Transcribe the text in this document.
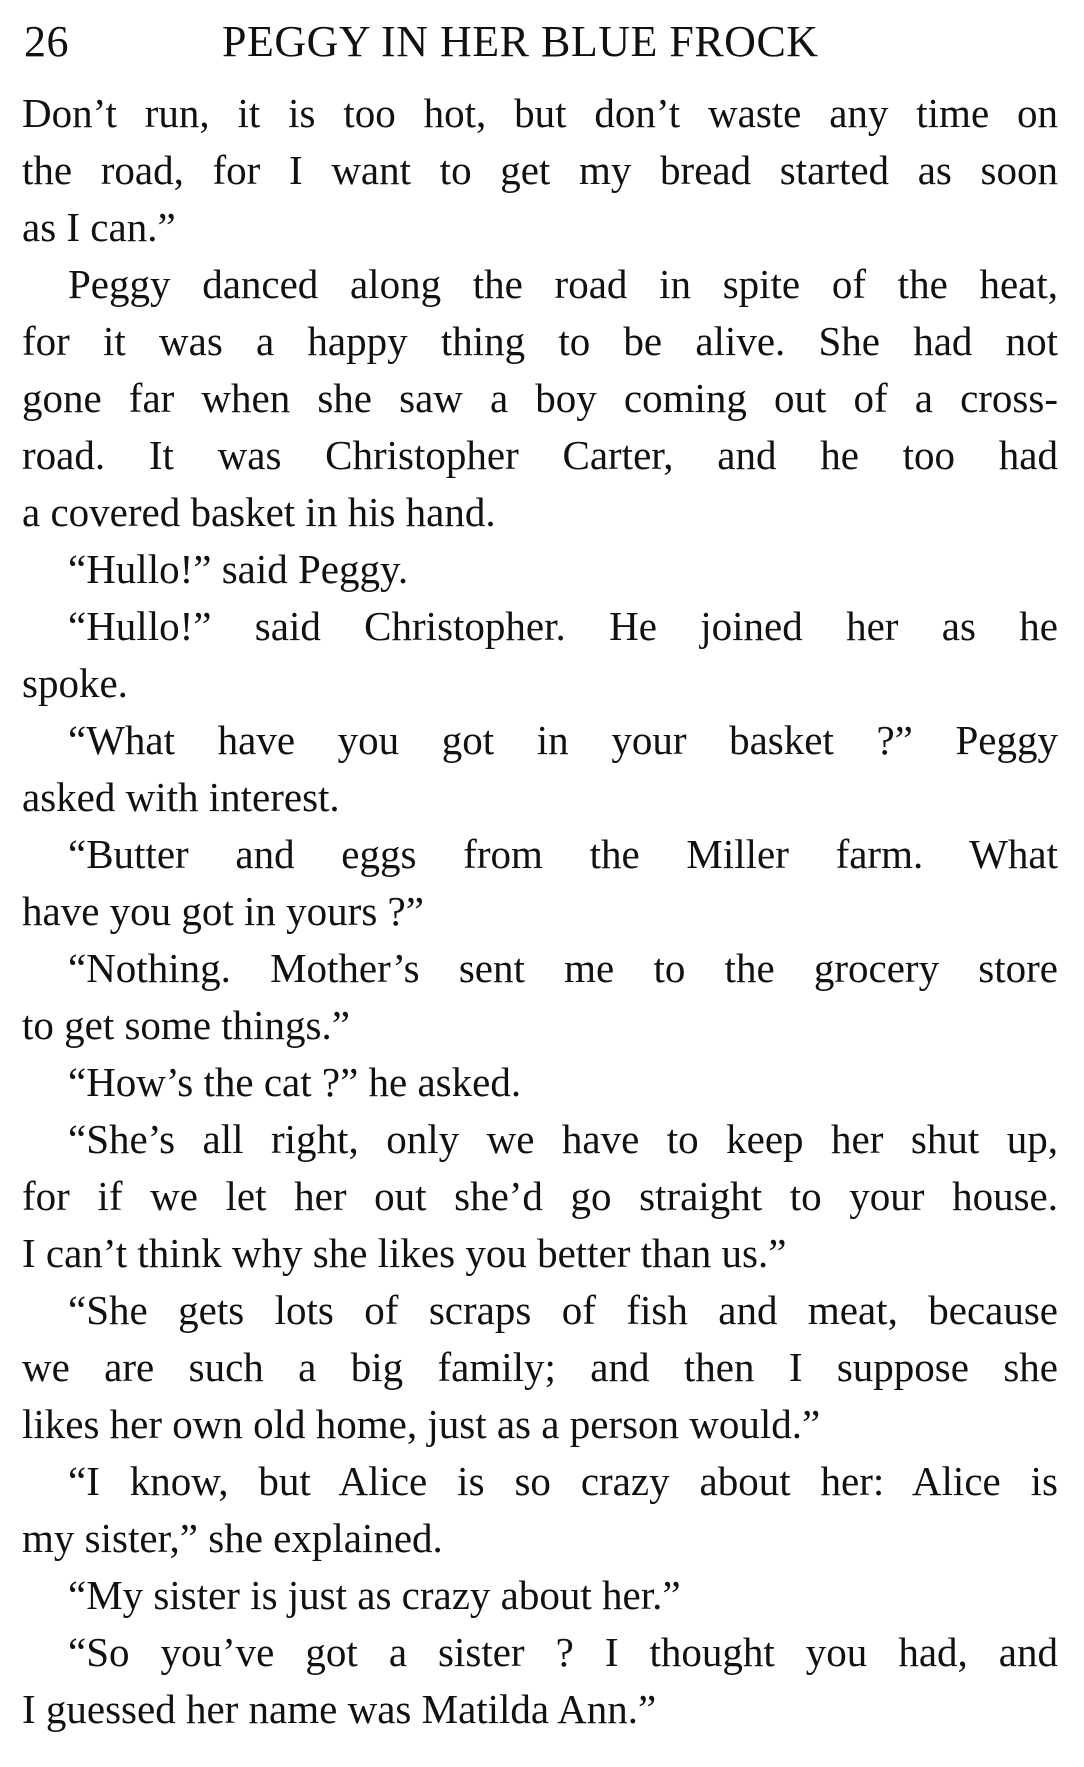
26	PEGGY IN HER BLUE FROCK
Don’t run, it is too hot, but don’t waste any time on
the road, for I want to get my bread started as soon
as I can.”
Peggy danced along the road in spite of the heat,
for it was a happy thing to be alive. She had not
gone far when she saw a boy coming out of a cross-
road. It was Christopher Carter, and he too had
a covered basket in his hand.
“Hullo!” said Peggy.
“Hullo!” said Christopher. He joined her as he
spoke.
“What have you got in your basket ?” Peggy
asked with interest.
“Butter and eggs from the Miller farm. What
have you got in yours ?”
“Nothing. Mother’s sent me to the grocery store
to get some things.”
“How’s the cat ?” he asked.
“She’s all right, only we have to keep her shut up,
for if we let her out she’d go straight to your house.
I can’t think why she likes you better than us.”
“She gets lots of scraps of fish and meat, because
we are such a big family; and then I suppose she
likes her own old home, just as a person would.”
“I know, but Alice is so crazy about her: Alice is
my sister,” she explained.
“My sister is just as crazy about her.”
“So you’ve got a sister ? I thought you had, and
I guessed her name was Matilda Ann.”
